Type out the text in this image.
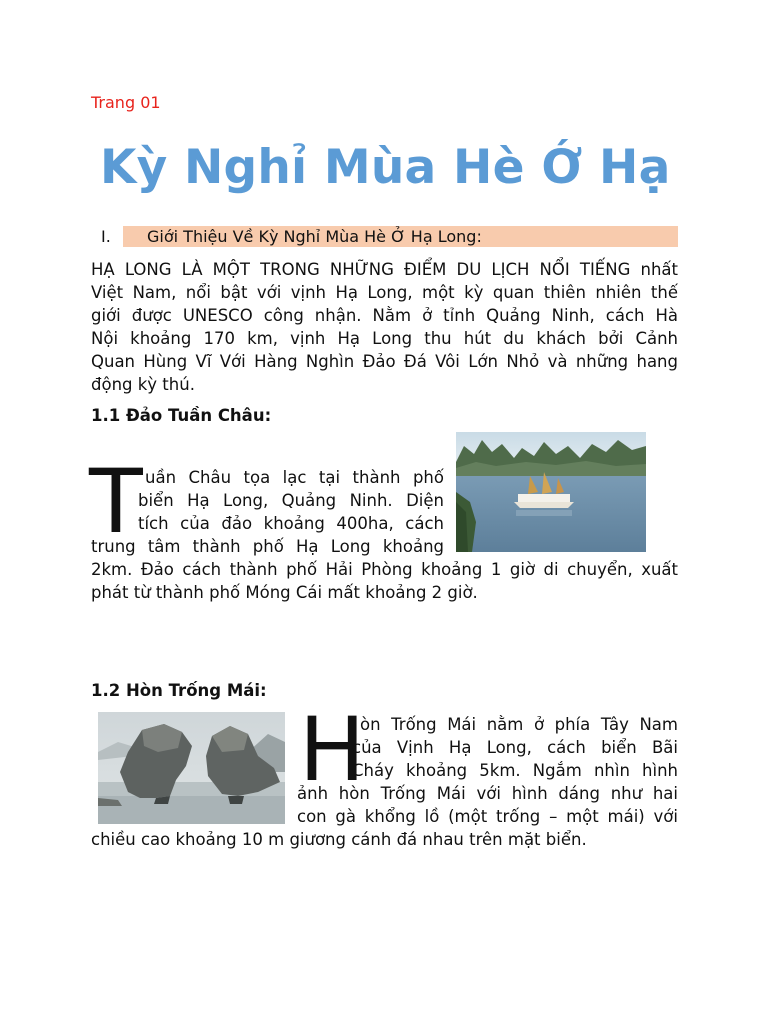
Trang 01
Kỳ Nghỉ Mùa Hè Ớ Hạ
I.	Giới Thiệu Về Kỳ Nghỉ Mùa Hè Ở Hạ Long:
HẠ LONG LÀ MỘT TRONG NHỮNG ĐIỂM DU LỊCH NỔI TIẾNG nhất
Việt Nam, nổi bật với vịnh Hạ Long, một kỳ quan thiên nhiên thế
giới được UNESCO công nhận. Nằm ở tỉnh Quảng Ninh, cách Hà
Nội khoảng 170 km, vịnh Hạ Long thu hút du khách bởi Cảnh
Quan Hùng Vĩ Với Hàng Nghìn Đảo Đá Vôi Lớn Nhỏ và những hang
động kỳ thú.
1.1 Đảo Tuần Châu:
T uần Châu tọa lạc tại thành phố
biển Hạ Long, Quảng Ninh. Diện
tích của đảo khoảng 400ha, cách
trung tâm thành phố Hạ Long khoảng
2km. Đảo cách thành phố Hải Phòng khoảng 1 giờ di chuyển, xuất
phát từ thành phố Móng Cái mất khoảng 2 giờ.
1.2 Hòn Trống Mái:
H
òn Trống Mái nằm ở phía Tây Nam
của Vịnh Hạ Long, cách biển Bãi
Cháy khoảng 5km. Ngắm nhìn hình
ảnh hòn Trống Mái với hình dáng như hai
con gà khổng lồ (một trống – một mái) với
chiều cao khoảng 10 m giương cánh đá nhau trên mặt biển.
